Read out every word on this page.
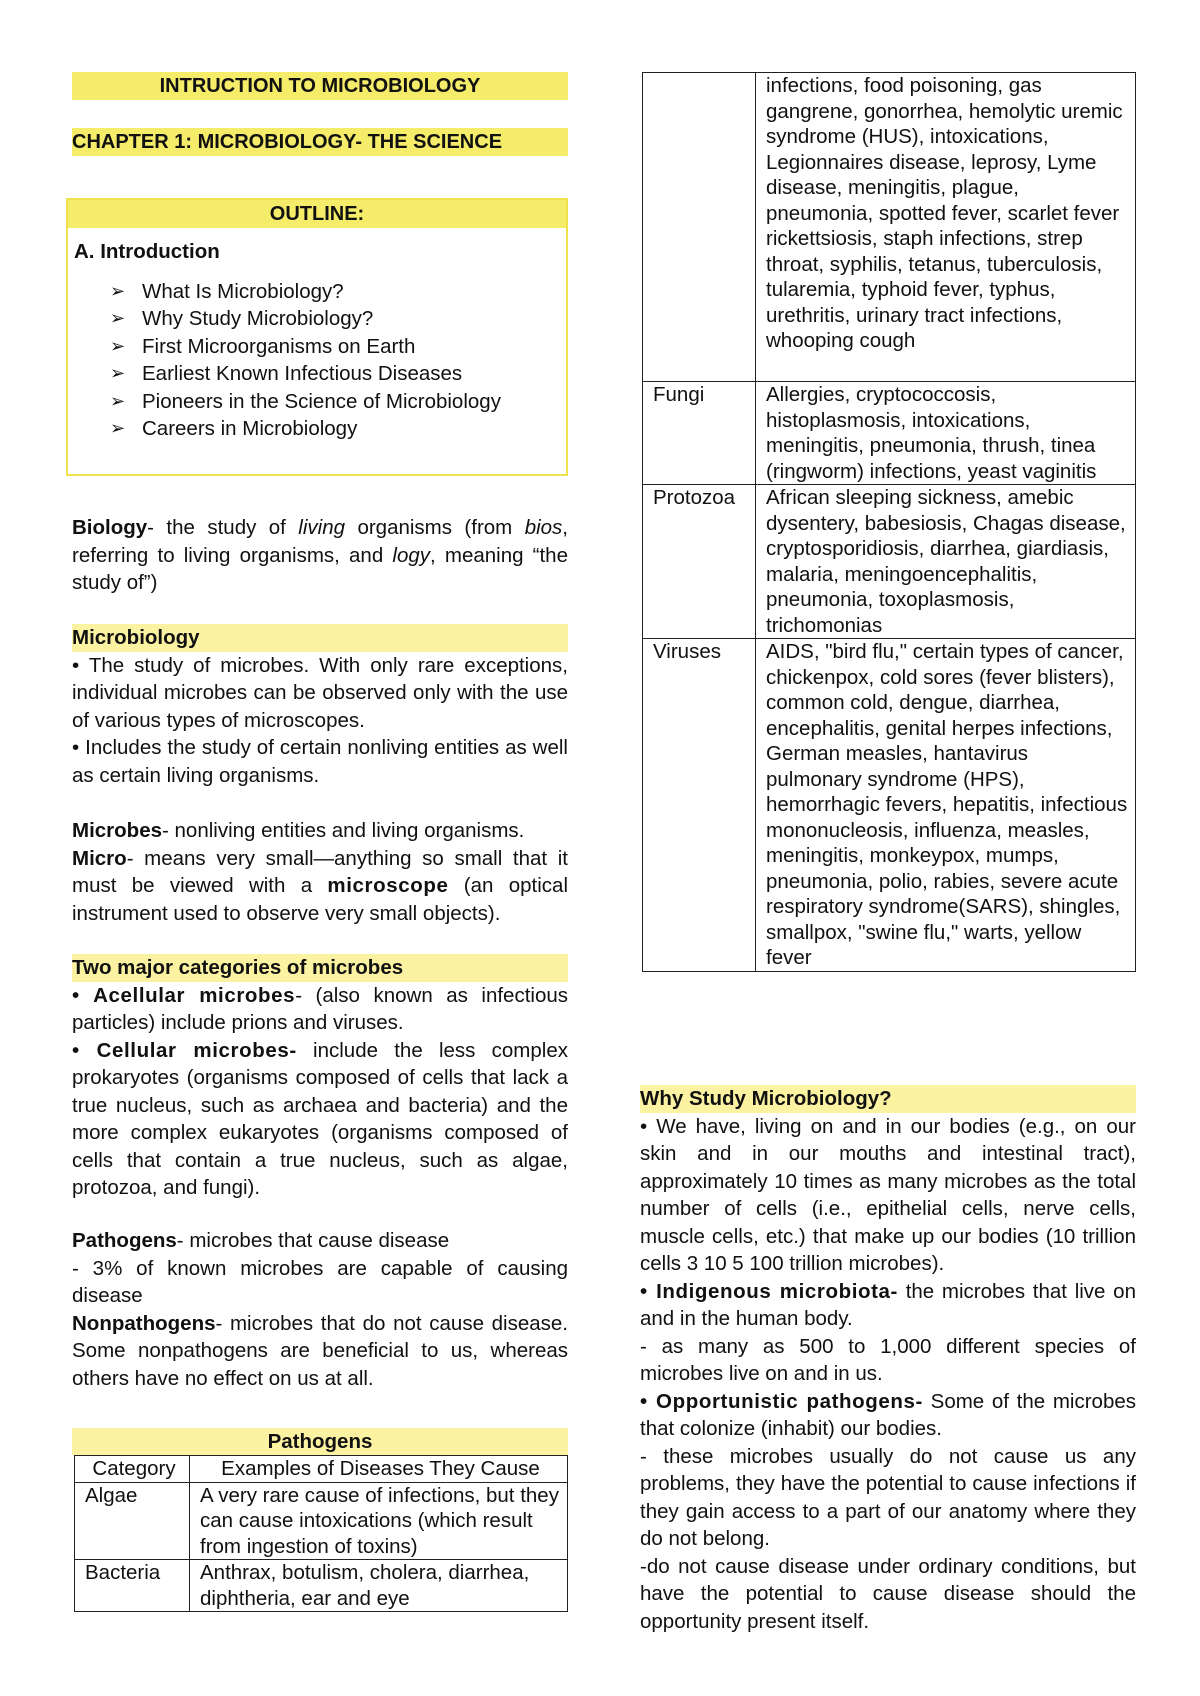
INTRUCTION TO MICROBIOLOGY
CHAPTER 1: MICROBIOLOGY- THE SCIENCE
OUTLINE:
A. Introduction
➢ What Is Microbiology?
➢ Why Study Microbiology?
➢ First Microorganisms on Earth
➢ Earliest Known Infectious Diseases
➢ Pioneers in the Science of Microbiology
➢ Careers in Microbiology
Biology- the study of living organisms (from bios, referring to living organisms, and logy, meaning “the study of”)
Microbiology
• The study of microbes. With only rare exceptions, individual microbes can be observed only with the use of various types of microscopes.
• Includes the study of certain nonliving entities as well as certain living organisms.
Microbes- nonliving entities and living organisms.
Micro- means very small—anything so small that it must be viewed with a microscope (an optical instrument used to observe very small objects).
Two major categories of microbes
• Acellular microbes- (also known as infectious particles) include prions and viruses.
• Cellular microbes- include the less complex prokaryotes (organisms composed of cells that lack a true nucleus, such as archaea and bacteria) and the more complex eukaryotes (organisms composed of cells that contain a true nucleus, such as algae, protozoa, and fungi).
Pathogens- microbes that cause disease
- 3% of known microbes are capable of causing disease
Nonpathogens- microbes that do not cause disease. Some nonpathogens are beneficial to us, whereas others have no effect on us at all.
Pathogens
Category	Examples of Diseases They Cause
Algae	A very rare cause of infections, but they can cause intoxications (which result from ingestion of toxins)
Bacteria	Anthrax, botulism, cholera, diarrhea, diphtheria, ear and eye
	infections, food poisoning, gas gangrene, gonorrhea, hemolytic uremic syndrome (HUS), intoxications, Legionnaires disease, leprosy, Lyme disease, meningitis, plague, pneumonia, spotted fever, scarlet fever rickettsiosis, staph infections, strep throat, syphilis, tetanus, tuberculosis, tularemia, typhoid fever, typhus, urethritis, urinary tract infections, whooping cough
Fungi	Allergies, cryptococcosis, histoplasmosis, intoxications, meningitis, pneumonia, thrush, tinea (ringworm) infections, yeast vaginitis
Protozoa	African sleeping sickness, amebic dysentery, babesiosis, Chagas disease, cryptosporidiosis, diarrhea, giardiasis, malaria, meningoencephalitis, pneumonia, toxoplasmosis, trichomonias
Viruses	AIDS, "bird flu," certain types of cancer, chickenpox, cold sores (fever blisters), common cold, dengue, diarrhea, encephalitis, genital herpes infections, German measles, hantavirus pulmonary syndrome (HPS), hemorrhagic fevers, hepatitis, infectious mononucleosis, influenza, measles, meningitis, monkeypox, mumps, pneumonia, polio, rabies, severe acute respiratory syndrome(SARS), shingles, smallpox, "swine flu," warts, yellow fever
Why Study Microbiology?
• We have, living on and in our bodies (e.g., on our skin and in our mouths and intestinal tract), approximately 10 times as many microbes as the total number of cells (i.e., epithelial cells, nerve cells, muscle cells, etc.) that make up our bodies (10 trillion cells 3 10 5 100 trillion microbes).
• Indigenous microbiota- the microbes that live on and in the human body.
- as many as 500 to 1,000 different species of microbes live on and in us.
• Opportunistic pathogens- Some of the microbes that colonize (inhabit) our bodies.
- these microbes usually do not cause us any problems, they have the potential to cause infections if they gain access to a part of our anatomy where they do not belong.
-do not cause disease under ordinary conditions, but have the potential to cause disease should the opportunity present itself.
